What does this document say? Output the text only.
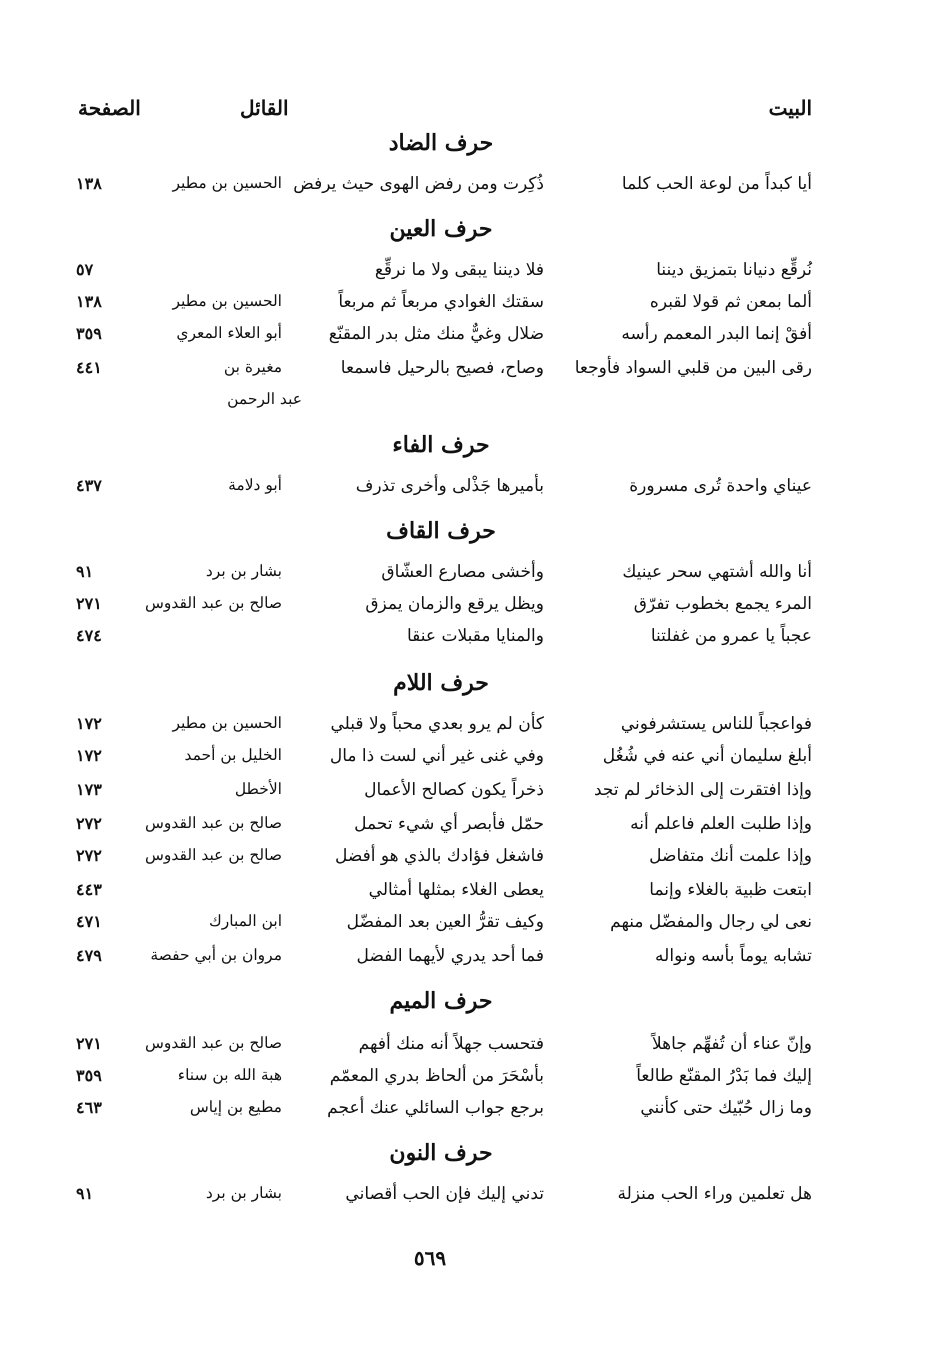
البيت
القائل
الصفحة
حرف الضاد
أيا كبداً من لوعة الحب كلما
ذُكِرت ومن رفض الهوى حيث يرفض
الحسين بن مطير
١٣٨
حرف العين
نُرقِّع دنيانا بتمزيق ديننا
فلا ديننا يبقى ولا ما نرقِّع
٥٧
ألما بمعن ثم قولا لقبره
سقتك الغوادي مربعاً ثم مربعاً
الحسين بن مطير
١٣٨
أفقْ إنما البدر المعمم رأسه
ضلال وغيٌّ منك مثل بدر المقنّع
أبو العلاء المعري
٣٥٩
رقى البين من قلبي السواد فأوجعا
وصاح، فصيح بالرحيل فاسمعا
مغيرة بن
٤٤١
عبد الرحمن
حرف الفاء
عيناي واحدة تُرى مسرورة
بأميرها جَذْلى وأخرى تذرف
أبو دلامة
٤٣٧
حرف القاف
أنا والله أشتهي سحر عينيك
وأخشى مصارع العشّاق
بشار بن برد
٩١
المرء يجمع بخطوب تفرّق
ويظل يرقع والزمان يمزق
صالح بن عبد القدوس
٢٧١
عجباً يا عمرو من غفلتنا
والمنايا مقبلات عنقا
٤٧٤
حرف اللام
فواعجباً للناس يستشرفوني
كأن لم يرو بعدي محباً ولا قبلي
الحسين بن مطير
١٧٢
أبلغ سليمان أني عنه في شُغُل
وفي غنى غير أني لست ذا مال
الخليل بن أحمد
١٧٢
وإذا افتقرت إلى الذخائر لم تجد
ذخراً يكون كصالح الأعمال
الأخطل
١٧٣
وإذا طلبت العلم فاعلم أنه
حمّل فأبصر أي شيء تحمل
صالح بن عبد القدوس
٢٧٢
وإذا علمت أنك متفاضل
فاشغل فؤادك بالذي هو أفضل
صالح بن عبد القدوس
٢٧٢
ابتعت ظبية بالغلاء وإنما
يعطى الغلاء بمثلها أمثالي
٤٤٣
نعى لي رجال والمفضّل منهم
وكيف تقرُّ العين بعد المفضّل
ابن المبارك
٤٧١
تشابه يوماً بأسه ونواله
فما أحد يدري لأيهما الفضل
مروان بن أبي حفصة
٤٧٩
حرف الميم
وإنّ عناء أن تُفهِّم جاهلاً
فتحسب جهلاً أنه منك أفهم
صالح بن عبد القدوس
٢٧١
إليك فما بَدْرُ المقنّع طالعاً
بأسْحَرَ من ألحاظ بدري المعمّم
هبة الله بن سناء
٣٥٩
وما زال حُبّيك حتى كأنني
برجع جواب السائلي عنك أعجم
مطيع بن إياس
٤٦٣
حرف النون
هل تعلمين وراء الحب منزلة
تدني إليك فإن الحب أقصاني
بشار بن برد
٩١
٥٦٩
